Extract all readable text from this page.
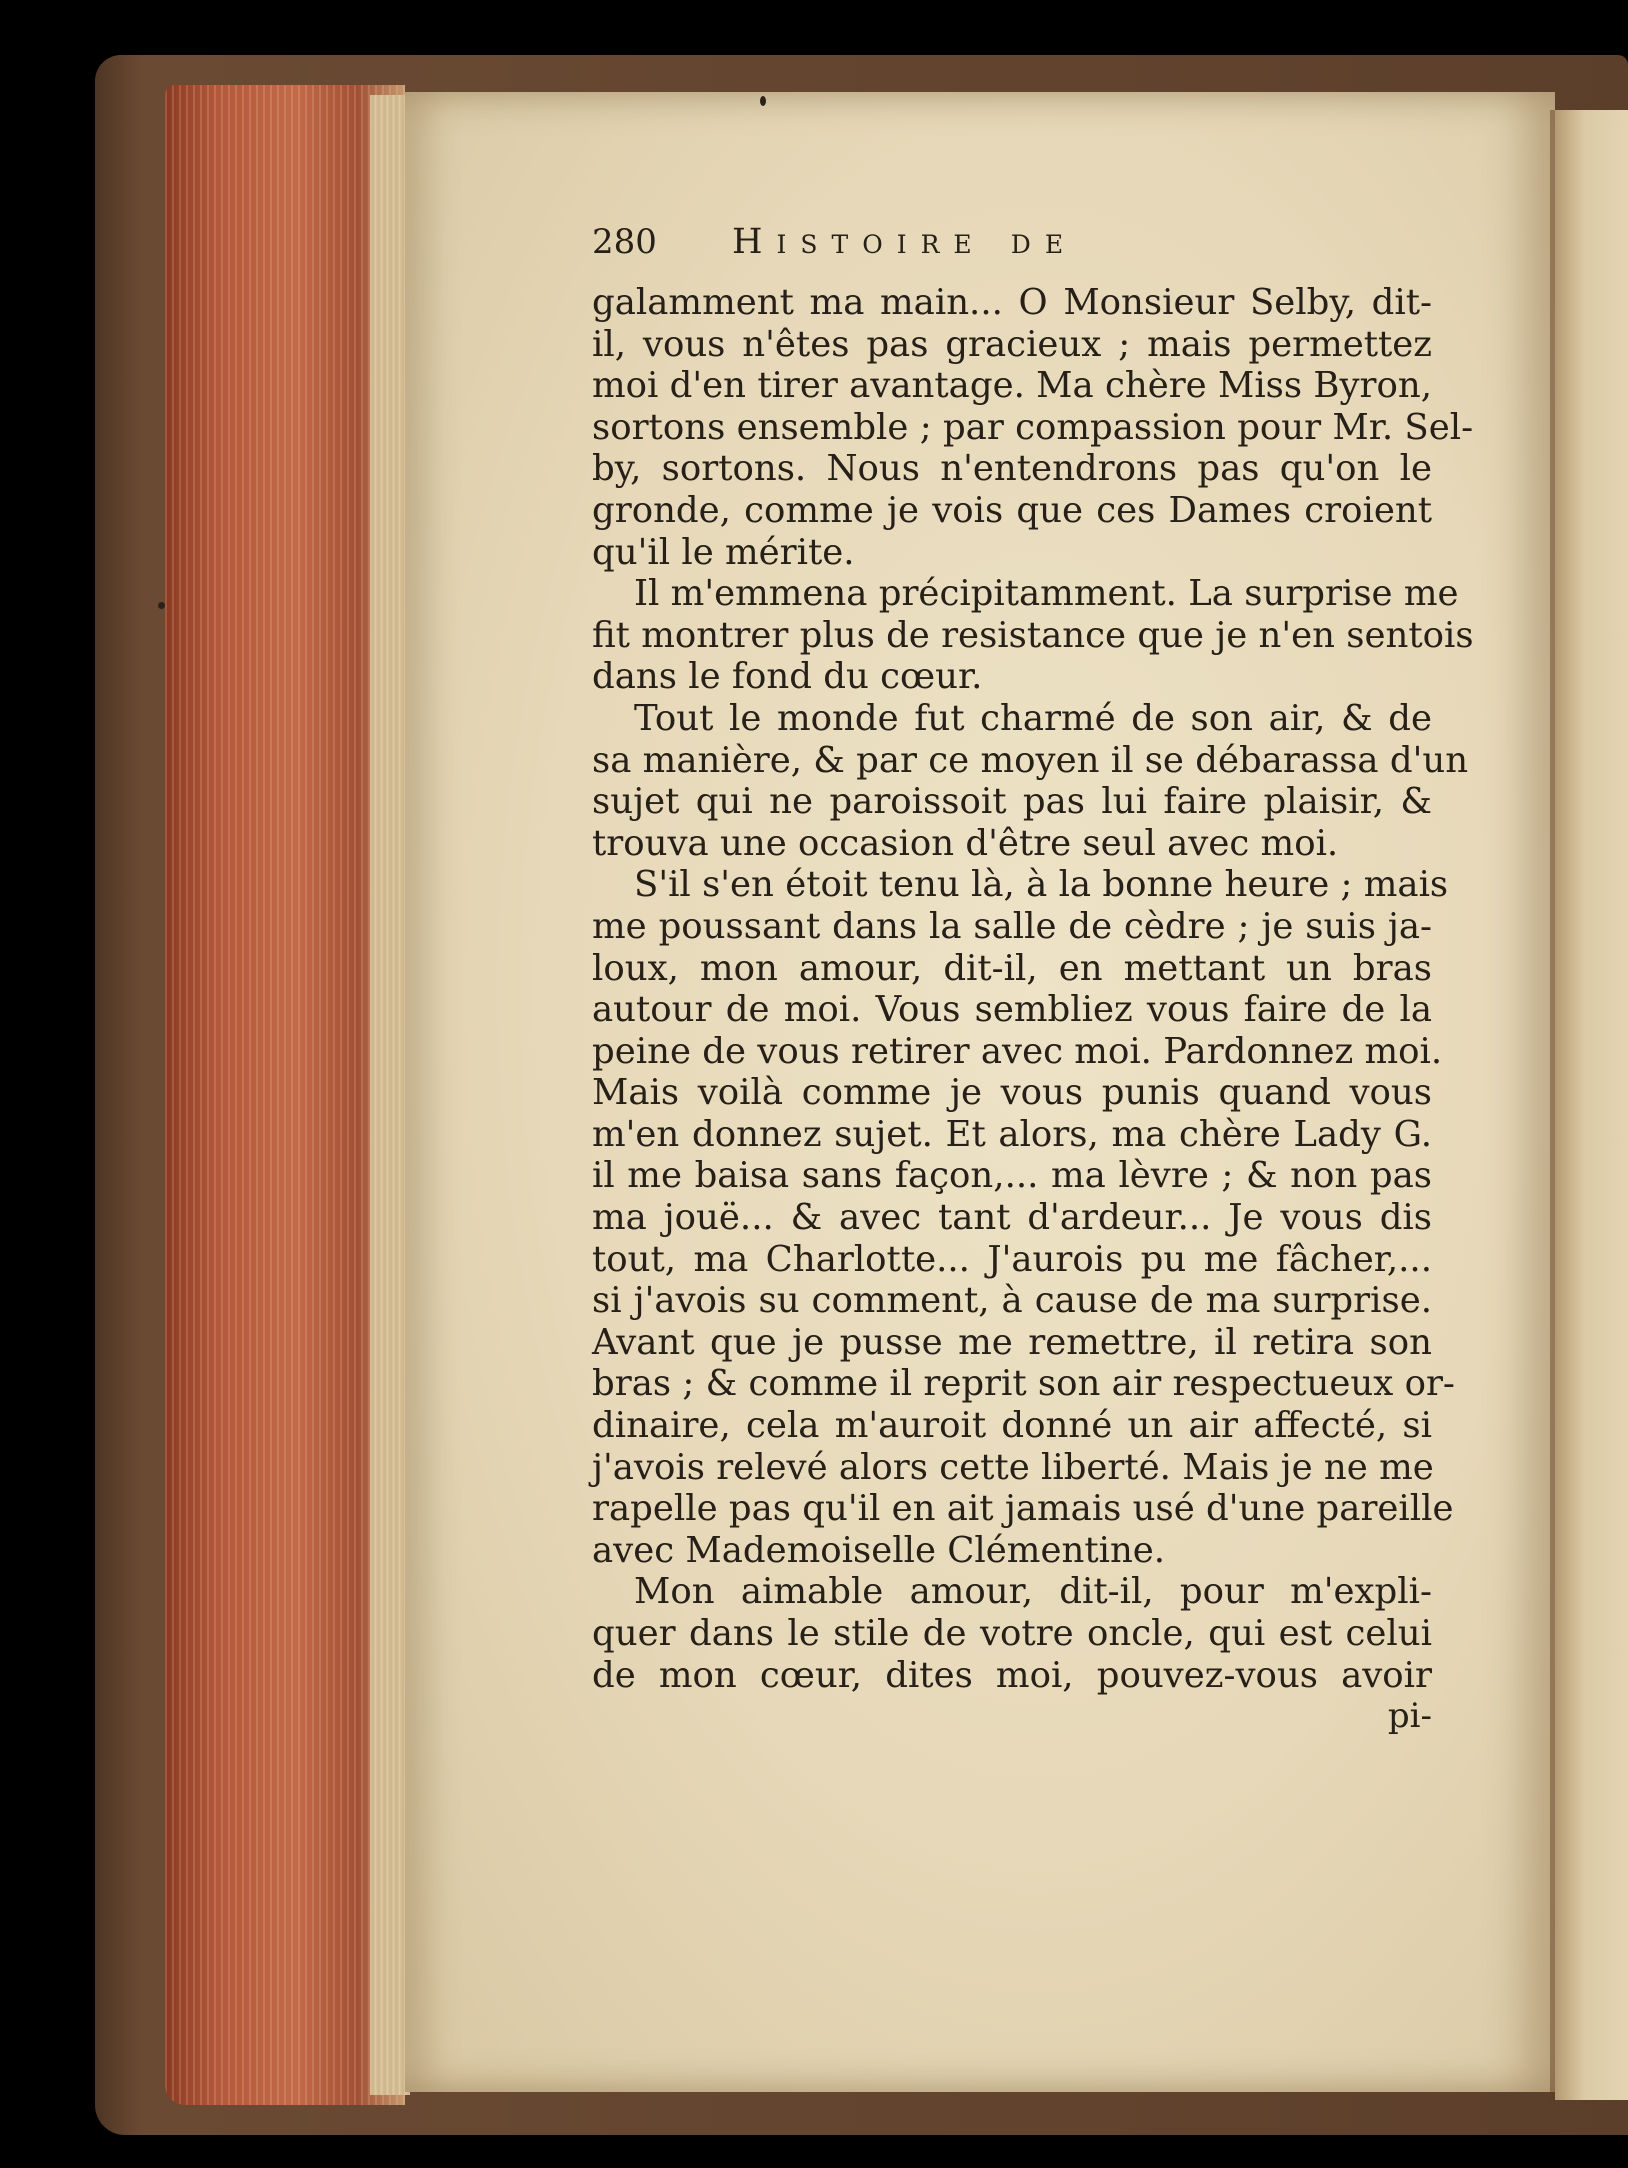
280	Histoire de
galamment ma main... O Monsieur Selby, dit-
il, vous n'êtes pas gracieux ; mais permettez
moi d'en tirer avantage. Ma chère Miss Byron,
sortons ensemble ; par compassion pour Mr. Sel-
by, sortons. Nous n'entendrons pas qu'on le
gronde, comme je vois que ces Dames croient
qu'il le mérite.
Il m'emmena précipitamment. La surprise me
fit montrer plus de resistance que je n'en sentois
dans le fond du cœur.
Tout le monde fut charmé de son air, & de
sa manière, & par ce moyen il se débarassa d'un
sujet qui ne paroissoit pas lui faire plaisir, &
trouva une occasion d'être seul avec moi.
S'il s'en étoit tenu là, à la bonne heure ; mais
me poussant dans la salle de cèdre ; je suis ja-
loux, mon amour, dit-il, en mettant un bras
autour de moi. Vous sembliez vous faire de la
peine de vous retirer avec moi. Pardonnez moi.
Mais voilà comme je vous punis quand vous
m'en donnez sujet. Et alors, ma chère Lady G.
il me baisa sans façon,... ma lèvre ; & non pas
ma jouë... & avec tant d'ardeur... Je vous dis
tout, ma Charlotte... J'aurois pu me fâcher,...
si j'avois su comment, à cause de ma surprise.
Avant que je pusse me remettre, il retira son
bras ; & comme il reprit son air respectueux or-
dinaire, cela m'auroit donné un air affecté, si
j'avois relevé alors cette liberté. Mais je ne me
rapelle pas qu'il en ait jamais usé d'une pareille
avec Mademoiselle Clémentine.
Mon aimable amour, dit-il, pour m'expli-
quer dans le stile de votre oncle, qui est celui
de mon cœur, dites moi, pouvez-vous avoir
pi-
